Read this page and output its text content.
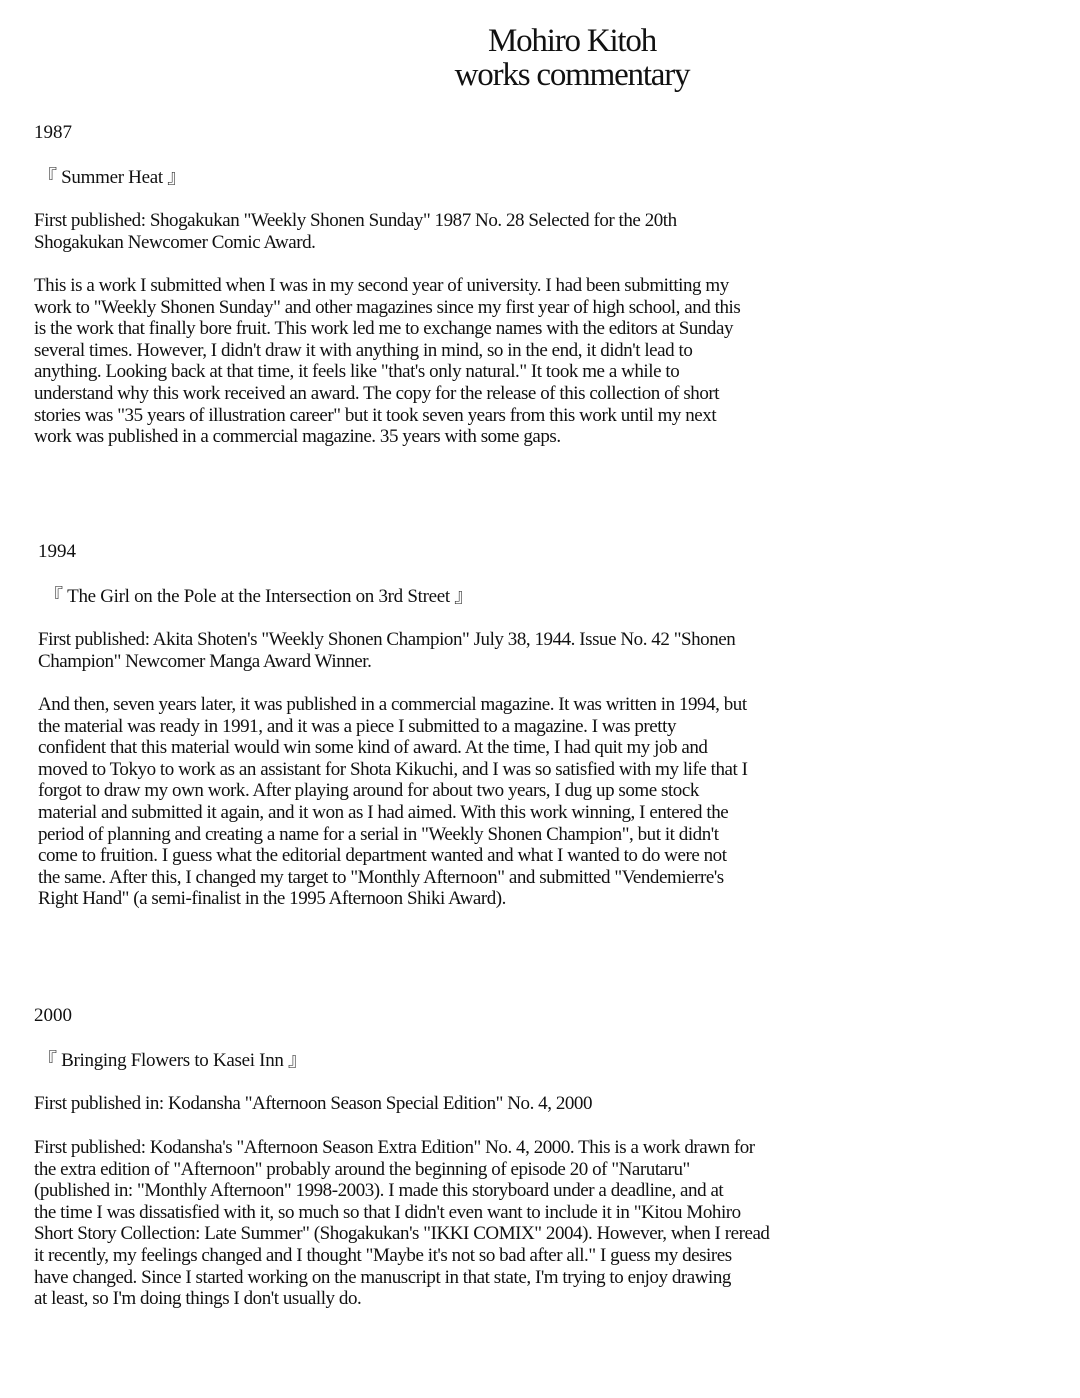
Mohiro Kitoh
works commentary
1987
『 Summer Heat 』
First published: Shogakukan "Weekly Shonen Sunday" 1987 No. 28 Selected for the 20th
Shogakukan Newcomer Comic Award.
This is a work I submitted when I was in my second year of university. I had been submitting my
work to "Weekly Shonen Sunday" and other magazines since my first year of high school, and this
is the work that finally bore fruit. This work led me to exchange names with the editors at Sunday
several times. However, I didn't draw it with anything in mind, so in the end, it didn't lead to
anything. Looking back at that time, it feels like "that's only natural." It took me a while to
understand why this work received an award. The copy for the release of this collection of short
stories was "35 years of illustration career" but it took seven years from this work until my next
work was published in a commercial magazine. 35 years with some gaps.
1994
『 The Girl on the Pole at the Intersection on 3rd Street 』
First published: Akita Shoten's "Weekly Shonen Champion" July 38, 1944. Issue No. 42 "Shonen
Champion" Newcomer Manga Award Winner.
And then, seven years later, it was published in a commercial magazine. It was written in 1994, but
the material was ready in 1991, and it was a piece I submitted to a magazine. I was pretty
confident that this material would win some kind of award. At the time, I had quit my job and
moved to Tokyo to work as an assistant for Shota Kikuchi, and I was so satisfied with my life that I
forgot to draw my own work. After playing around for about two years, I dug up some stock
material and submitted it again, and it won as I had aimed. With this work winning, I entered the
period of planning and creating a name for a serial in "Weekly Shonen Champion", but it didn't
come to fruition. I guess what the editorial department wanted and what I wanted to do were not
the same. After this, I changed my target to "Monthly Afternoon" and submitted "Vendemierre's
Right Hand" (a semi-finalist in the 1995 Afternoon Shiki Award).
2000
『 Bringing Flowers to Kasei Inn 』
First published in: Kodansha "Afternoon Season Special Edition" No. 4, 2000
First published: Kodansha's "Afternoon Season Extra Edition" No. 4, 2000. This is a work drawn for
the extra edition of "Afternoon" probably around the beginning of episode 20 of "Narutaru"
(published in: "Monthly Afternoon" 1998-2003). I made this storyboard under a deadline, and at
the time I was dissatisfied with it, so much so that I didn't even want to include it in "Kitou Mohiro
Short Story Collection: Late Summer" (Shogakukan's "IKKI COMIX" 2004). However, when I reread
it recently, my feelings changed and I thought "Maybe it's not so bad after all." I guess my desires
have changed. Since I started working on the manuscript in that state, I'm trying to enjoy drawing
at least, so I'm doing things I don't usually do.
